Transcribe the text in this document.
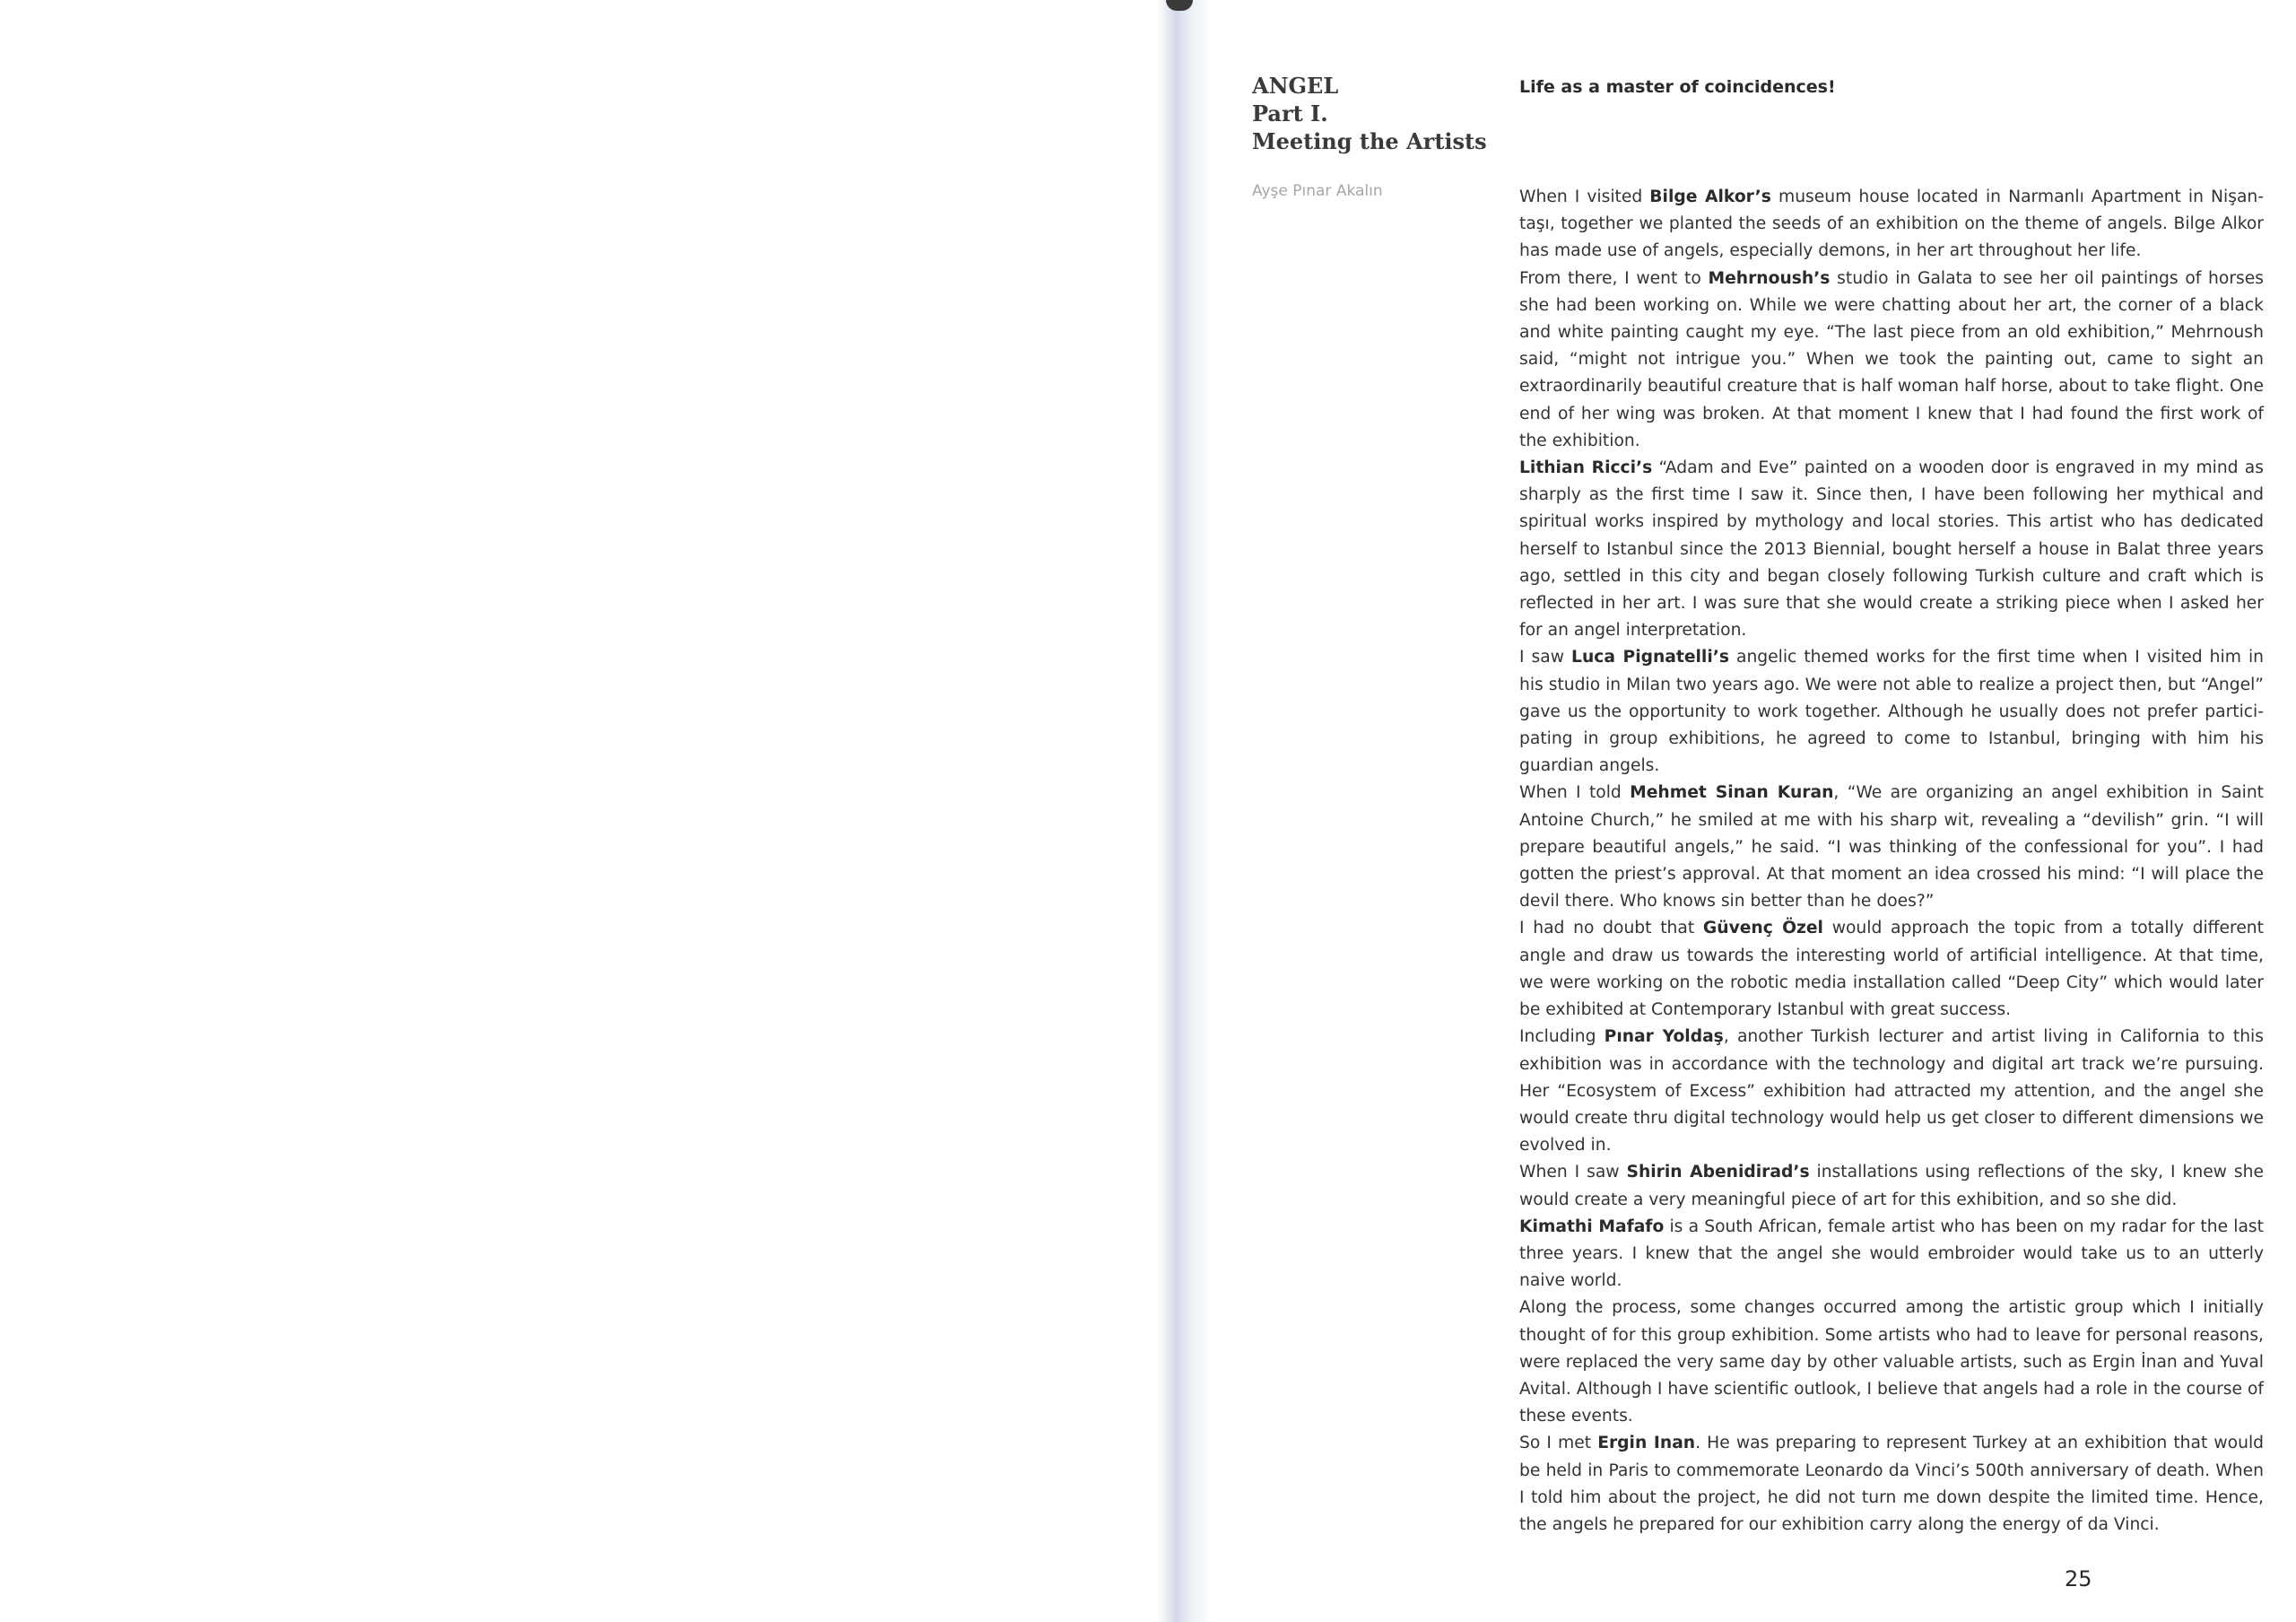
ANGEL
Part I.
Meeting the Artists
Ayşe Pınar Akalın
Life as a master of coincidences!

When I visited Bilge Alkor’s museum house located in Narmanlı Apartment in Nişantaşı, together we planted the seeds of an exhibition on the theme of angels. Bilge Alkor has made use of angels, especially demons, in her art throughout her life.

From there, I went to Mehrnoush’s studio in Galata to see her oil paintings of horses she had been working on. While we were chatting about her art, the corner of a black and white painting caught my eye. “The last piece from an old exhibition,” Mehrnoush said, “might not intrigue you.” When we took the painting out, came to sight an extraordinarily beautiful creature that is half woman half horse, about to take flight. One end of her wing was broken. At that moment I knew that I had found the first work of the exhibition.

Lithian Ricci’s “Adam and Eve” painted on a wooden door is engraved in my mind as sharply as the first time I saw it. Since then, I have been following her mythical and spiritual works inspired by mythology and local stories. This artist who has dedicated herself to Istanbul since the 2013 Biennial, bought herself a house in Balat three years ago, settled in this city and began closely following Turkish culture and craft which is reflected in her art. I was sure that she would create a striking piece when I asked her for an angel interpretation.

I saw Luca Pignatelli’s angelic themed works for the first time when I visited him in his studio in Milan two years ago. We were not able to realize a project then, but “Angel” gave us the opportunity to work together. Although he usually does not prefer participating in group exhibitions, he agreed to come to Istanbul, bringing with him his guardian angels.

When I told Mehmet Sinan Kuran, “We are organizing an angel exhibition in Saint Antoine Church,” he smiled at me with his sharp wit, revealing a “devilish” grin. “I will prepare beautiful angels,” he said. “I was thinking of the confessional for you”. I had gotten the priest’s approval. At that moment an idea crossed his mind: “I will place the devil there. Who knows sin better than he does?”

I had no doubt that Güvenç Özel would approach the topic from a totally different angle and draw us towards the interesting world of artificial intelligence. At that time, we were working on the robotic media installation called “Deep City” which would later be exhibited at Contemporary Istanbul with great success.

Including Pınar Yoldaş, another Turkish lecturer and artist living in California to this exhibition was in accordance with the technology and digital art track we’re pursuing. Her “Ecosystem of Excess” exhibition had attracted my attention, and the angel she would create thru digital technology would help us get closer to different dimensions we evolved in.

When I saw Shirin Abenidirad’s installations using reflections of the sky, I knew she would create a very meaningful piece of art for this exhibition, and so she did.

Kimathi Mafafo is a South African, female artist who has been on my radar for the last three years. I knew that the angel she would embroider would take us to an utterly naive world.

Along the process, some changes occurred among the artistic group which I initially thought of for this group exhibition. Some artists who had to leave for personal reasons, were replaced the very same day by other valuable artists, such as Ergin İnan and Yuval Avital. Although I have scientific outlook, I believe that angels had a role in the course of these events.

So I met Ergin Inan. He was preparing to represent Turkey at an exhibition that would be held in Paris to commemorate Leonardo da Vinci’s 500th anniversary of death. When I told him about the project, he did not turn me down despite the limited time. Hence, the angels he prepared for our exhibition carry along the energy of da Vinci.

25
